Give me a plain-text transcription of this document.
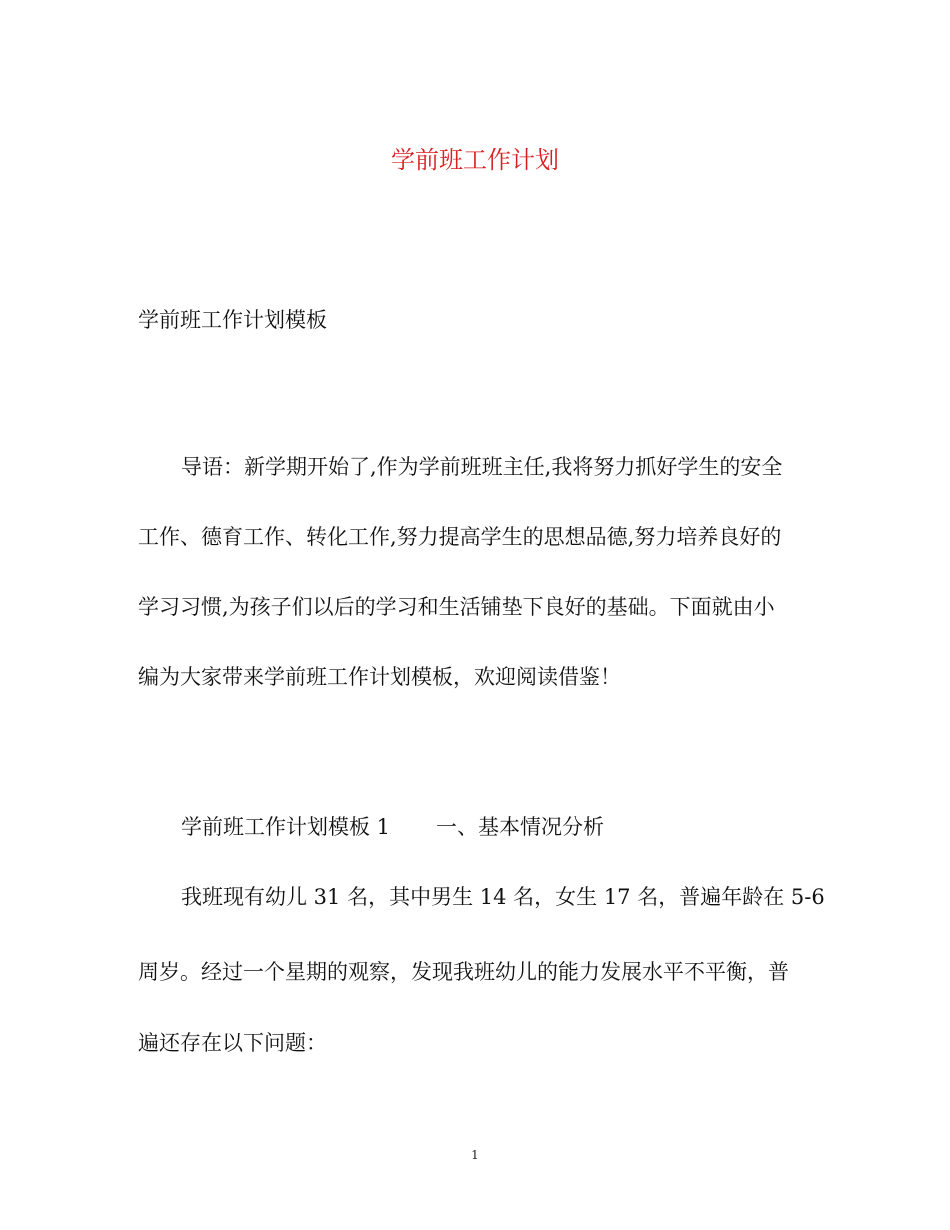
学前班工作计划
学前班工作计划模板
导语：新学期开始了,作为学前班班主任,我将努力抓好学生的安全
工作、德育工作、转化工作,努力提高学生的思想品德,努力培养良好的
学习习惯,为孩子们以后的学习和生活铺垫下良好的基础。下面就由小
编为大家带来学前班工作计划模板，欢迎阅读借鉴！
学前班工作计划模板 1 一、基本情况分析
我班现有幼儿 31 名，其中男生 14 名，女生 17 名，普遍年龄在 5-6
周岁。经过一个星期的观察，发现我班幼儿的能力发展水平不平衡，普
遍还存在以下问题：
1
